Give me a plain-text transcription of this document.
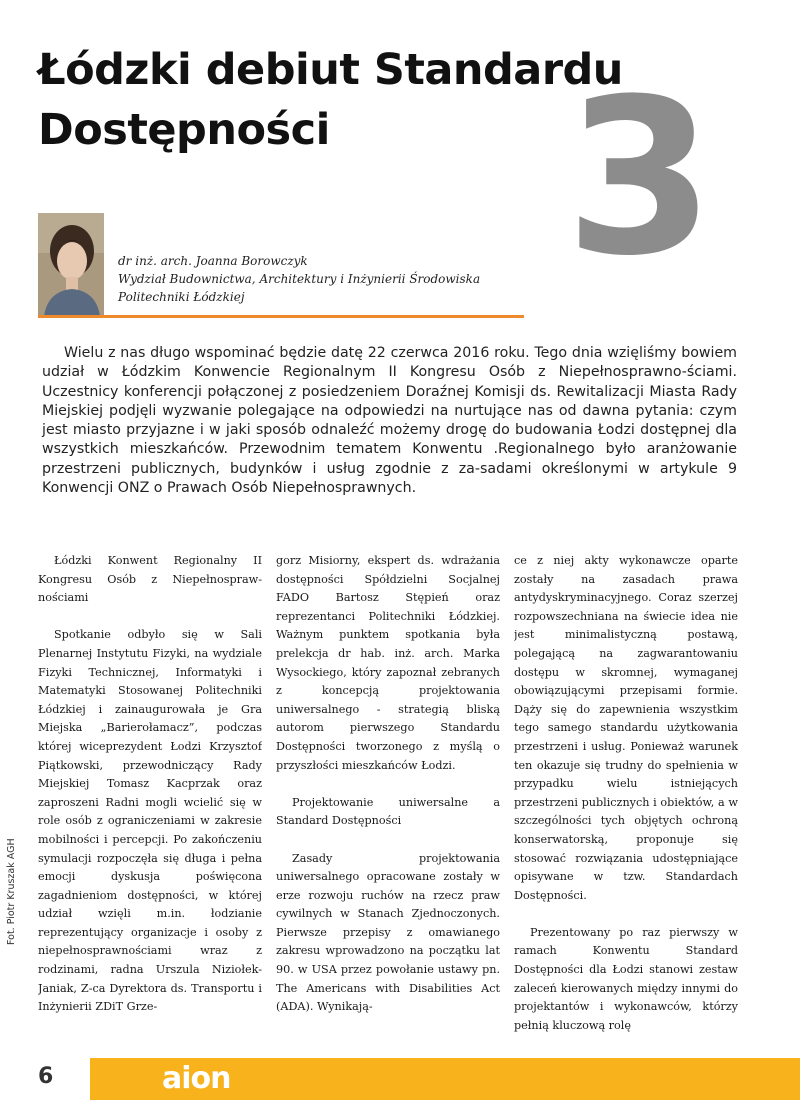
Łódzki debiut Standardu
Dostępności	3
dr inż. arch. Joanna Borowczyk
Wydział Budownictwa, Architektury i Inżynierii Środowiska
Politechniki Łódzkiej

Wielu z nas długo wspominać będzie datę 22 czerwca 2016 roku. Tego dnia wzięliśmy bowiem udział w Łódzkim Konwencie Regionalnym II Kongresu Osób z Niepełnosprawno-ściami. Uczestnicy konferencji połączonej z posiedzeniem Doraźnej Komisji ds. Rewitalizacji Miasta Rady Miejskiej podjęli wyzwanie polegające na odpowiedzi na nurtujące nas od dawna pytania: czym jest miasto przyjazne i w jaki sposób odnaleźć możemy drogę do budowania Łodzi dostępnej dla wszystkich mieszkańców. Przewodnim tematem Konwentu .Regionalnego było aranżowanie przestrzeni publicznych, budynków i usług zgodnie z za-sadami określonymi w artykule 9 Konwencji ONZ o Prawach Osób Niepełnosprawnych.

Łódzki Konwent Regionalny II Kongresu Osób z Niepełnospraw-nościami

Spotkanie odbyło się w Sali Plenarnej Instytutu Fizyki, na wydziale Fizyki Technicznej, Informatyki i Matematyki Stosowanej Politechniki Łódzkiej i zainaugurowała je Gra Miejska „Barierołamacz”, podczas której wiceprezydent Łodzi Krzysztof Piątkowski, przewodniczący Rady Miejskiej Tomasz Kacprzak oraz zaproszeni Radni mogli wcielić się w role osób z ograniczeniami w zakresie mobilności i percepcji. Po zakończeniu symulacji rozpoczęła się długa i pełna emocji dyskusja poświęcona zagadnieniom dostępności, w której udział wzięli m.in. łodzianie reprezentujący organizacje i osoby z niepełnosprawnościami wraz z rodzinami, radna Urszula Niziołek-Janiak, Z-ca Dyrektora ds. Transportu i Inżynierii ZDiT Grze-

gorz Misiorny, ekspert ds. wdrażania dostępności Spółdzielni Socjalnej FADO Bartosz Stępień oraz reprezentanci Politechniki Łódzkiej. Ważnym punktem spotkania była prelekcja dr hab. inż. arch. Marka Wysockiego, który zapoznał zebranych z koncepcją projektowania uniwersalnego - strategią bliską autorom pierwszego Standardu Dostępności tworzonego z myślą o przyszłości mieszkańców Łodzi.

Projektowanie uniwersalne a Standard Dostępności

Zasady projektowania uniwersalnego opracowane zostały w erze rozwoju ruchów na rzecz praw cywilnych w Stanach Zjednoczonych. Pierwsze przepisy z omawianego zakresu wprowadzono na początku lat 90. w USA przez powołanie ustawy pn. The Americans with Disabilities Act (ADA). Wynikają-

ce z niej akty wykonawcze oparte zostały na zasadach prawa antydyskryminacyjnego. Coraz szerzej rozpowszechniana na świecie idea nie jest minimalistyczną postawą, polegającą na zagwarantowaniu dostępu w skromnej, wymaganej obowiązującymi przepisami formie. Dąży się do zapewnienia wszystkim tego samego standardu użytkowania przestrzeni i usług. Ponieważ warunek ten okazuje się trudny do spełnienia w przypadku wielu istniejących przestrzeni publicznych i obiektów, a w szczególności tych objętych ochroną konserwatorską, proponuje się stosować rozwiązania udostępniające opisywane w tzw. Standardach Dostępności.

Prezentowany po raz pierwszy w ramach Konwentu Standard Dostępności dla Łodzi stanowi zestaw zaleceń kierowanych między innymi do projektantów i wykonawców, którzy pełnią kluczową rolę

Fot. Piotr Kruszak AGH
aion
6
